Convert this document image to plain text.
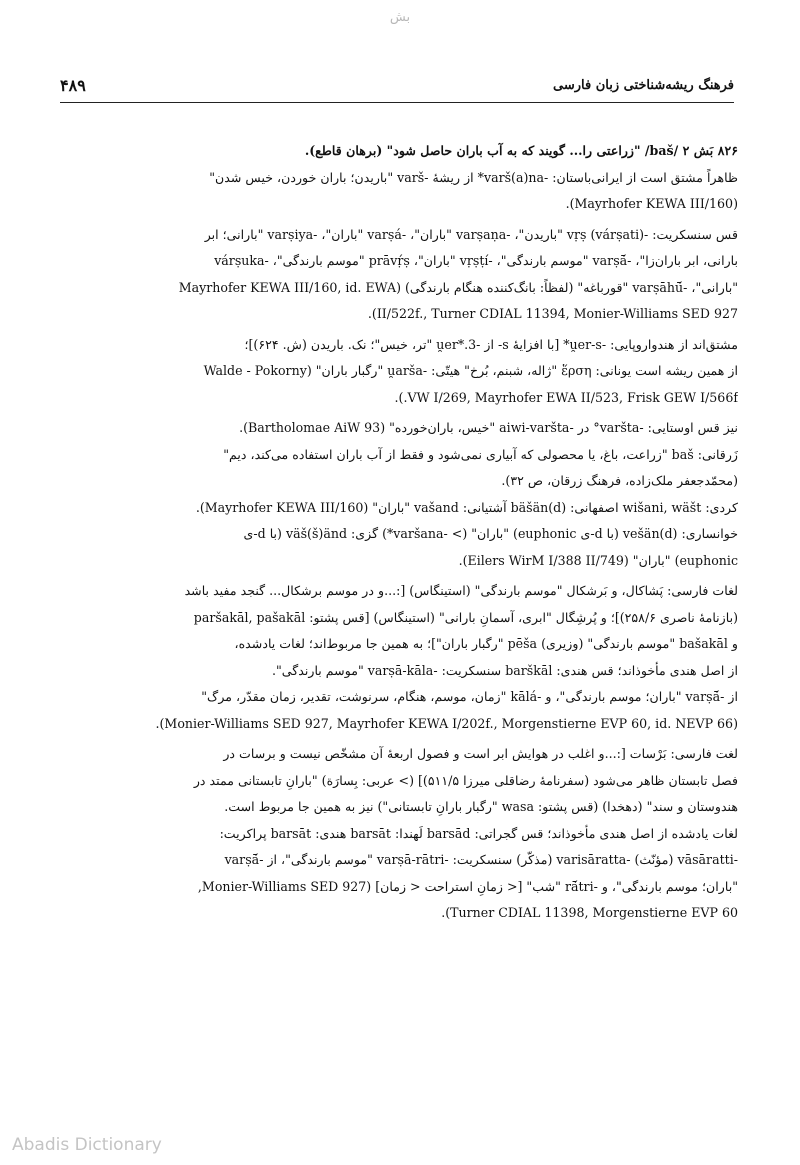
بش
فرهنگ ریشه‌شناختی زبان فارسی
۴۸۹
۸۲۶ بَش ۲ /baš/ "زراعتی را... گویند که به آب باران حاصل شود" (برهان قاطع).
ظاهراً مشتق است از ایرانی‌باستان: -varš(a)na* از ریشهٔ -varš "باریدن؛ باران خوردن، خیس شدن"
(Mayrhofer KEWA III/160).
قس سنسکریت: -vṛṣ (várṣati) "باریدن"، -varṣaṇa "باران"، -varṣá "باران"، -varṣiya "بارانی؛ ابر
بارانی، ابر باران‌زا"، -varṣā́ "موسم بارندگی"، -vṛṣṭí "باران"، prāvṛ́ṣ "موسم بارندگی"، -várṣuka
"بارانی"، -varṣāhū́ "قورباغه" (لفظاً: بانگ‌کننده هنگام بارندگی) (Mayrhofer KEWA III/160, id. EWA
II/522f., Turner CDIAL 11394, Monier-Williams SED 927).
مشتق‌اند از هندواروپایی: -u̯er-s* [با افزایهٔ s- از -u̯er*.3 "تر، خیس"؛ نک. باریدن (ش. ۶۲۴)]؛
از همین ریشه است یونانی: ἕρση "ژاله، شبنم، بُرخ" هیتّی: -u̯arša "رگبار باران" (Walde - Pokorny
VW I/269, Mayrhofer EWA II/523, Frisk GEW I/566f.).
نیز قس اوستایی: -varšta° در -aiwi-varšta "خیس، باران‌خورده" (Bartholomae AiW 93).
زَرقانی: baš "زراعت، باغ، یا محصولی که آبیاری نمی‌شود و فقط از آب باران استفاده می‌کند، دیم"
(محمّدجعفر ملک‌زاده، فرهنگ زرقان، ص ۳۲).
کردی: wišani, wäšt اصفهانی: (bäšän(d آشتیانی: vašand "باران" (Mayrhofer KEWA III/160).
خوانساری: (vešän(d (با d-ی euphonic) "باران" (> -varšana*) گزی: väš(š)änd (با d-ی
euphonic) "باران" (Eilers WirM I/388 II/749).
لغات فارسی: پَشاکال، و بَرشکال "موسم بارندگی" (استینگاس) [:...و در موسم برشکال... گنجد مفید باشد
(بازنامهٔ ناصری ۲۵۸/۶)]؛ و پُرشِگال "ابری، آسمانِ بارانی" (استینگاس) [قس پشتو: paršakāl, pašakāl
و bašakāl "موسم بارندگی" (وزیری) pēša "رگبار باران"]؛ به همین جا مربوط‌اند؛ لغات یادشده،
از اصل هندی مأخوذاند؛ قس هندی: barškāl سنسکریت: -varṣā-kāla "موسم بارندگی".
از -varṣā́ "باران؛ موسم بارندگی"، و -kālá "زمان، موسم، هنگام، سرنوشت، تقدیر، زمان مقدّر، مرگ"
(Monier-Williams SED 927, Mayrhofer KEWA I/202f., Morgenstierne EVP 60, id. NEVP 66).
لغت فارسی: بَرْسات [:...و اغلب در هوایش ابر است و فصول اربعهٔ آن مشخّص نیست و برسات در
فصل تابستان ظاهر می‌شود (سفرنامهٔ رضاقلی میرزا ۵۱۱/۵)] (> عربی: بِسارَة) "بارانِ تابستانی ممتد در
هندوستان و سند" (دهخدا) (قس پشتو: wasa "رگبار بارانِ تابستانی") نیز به همین جا مربوط است.
لغات یادشده از اصل هندی مأخوذاند؛ قس گجراتی: barsād لَهندا: barsāt هندی: barsāt پراکریت:
-vāsāratti (مؤنّث) -varisāratta (مذکّر) سنسکریت: -varṣā-rātri "موسم بارندگی"، از -varṣā́
"باران؛ موسم بارندگی"، و -rā́tri "شب" [< زمانِ استراحت < زمان] (Monier-Williams SED 927,
Turner CDIAL 11398, Morgenstierne EVP 60).
Abadis Dictionary
